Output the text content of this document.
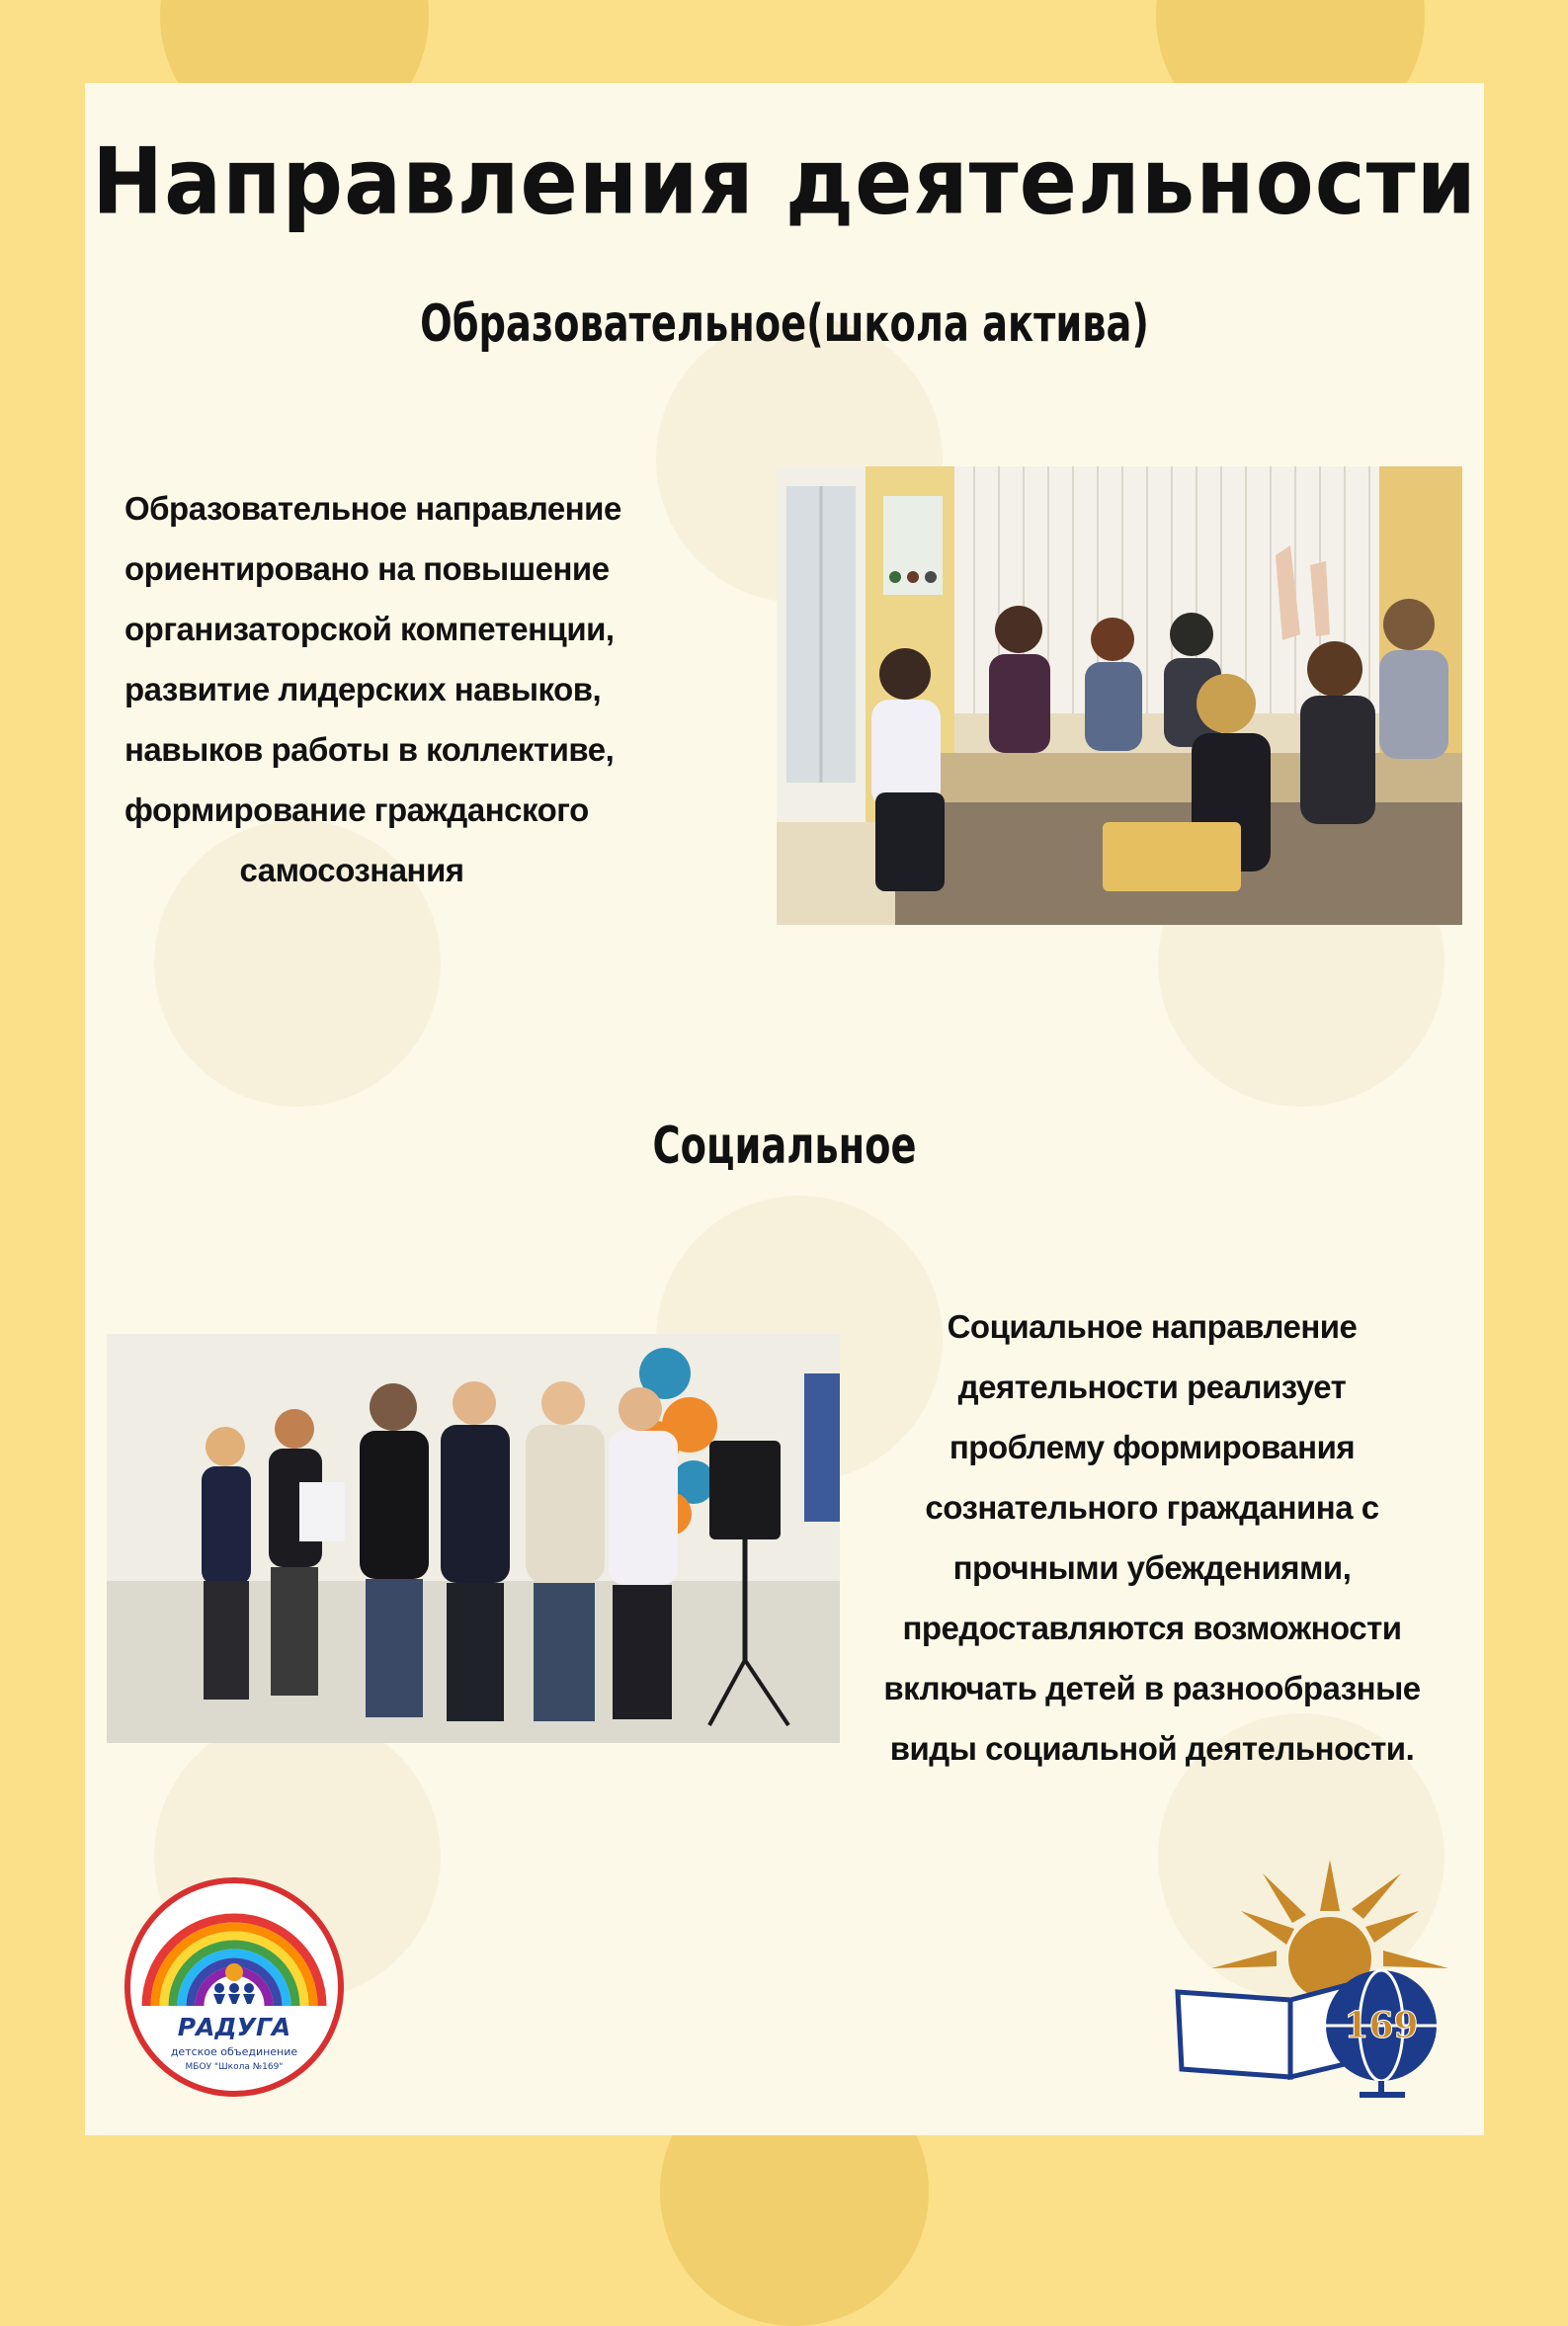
Направления деятельности
Образовательное(школа актива)
Образовательное направление
ориентировано на повышение
организаторской компетенции,
развитие лидерских навыков,
навыков работы в коллективе,
формирование гражданского
самосознания
Социальное
Социальное направление
деятельности реализует
проблему формирования
сознательного гражданина с
прочными убеждениями,
предоставляются возможности
включать детей в разнообразные
виды социальной деятельности.
РАДУГА
детское объединение
МБОУ "Школа №169"
169
